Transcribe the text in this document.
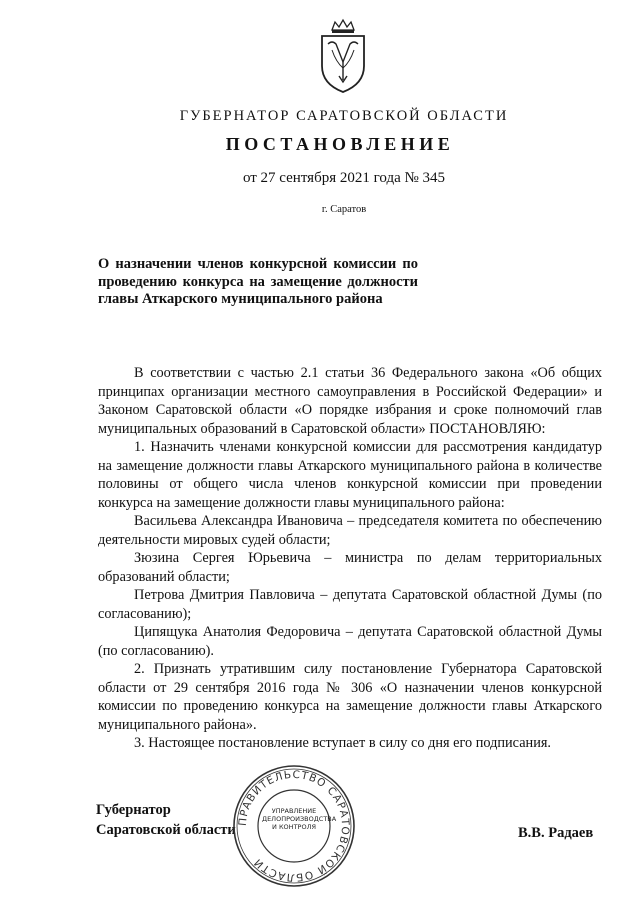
ГУБЕРНАТОР САРАТОВСКОЙ ОБЛАСТИ
ПОСТАНОВЛЕНИЕ
от 27 сентября 2021 года № 345
г. Саратов
О назначении членов конкурсной комиссии по проведению конкурса на замещение должности главы Аткарского муниципального района

В соответствии с частью 2.1 статьи 36 Федерального закона «Об общих принципах организации местного самоуправления в Российской Федерации» и Законом Саратовской области «О порядке избрания и сроке полномочий глав муниципальных образований в Саратовской области» ПОСТАНОВЛЯЮ:

1. Назначить членами конкурсной комиссии для рассмотрения кандидатур на замещение должности главы Аткарского муниципального района в количестве половины от общего числа членов конкурсной комиссии при проведении конкурса на замещение должности главы муниципального района:

Васильева Александра Ивановича – председателя комитета по обеспечению деятельности мировых судей области;

Зюзина Сергея Юрьевича – министра по делам территориальных образований области;

Петрова Дмитрия Павловича – депутата Саратовской областной Думы (по согласованию);

Ципящука Анатолия Федоровича – депутата Саратовской областной Думы (по согласованию).

2. Признать утратившим силу постановление Губернатора Саратовской области от 29 сентября 2016 года № 306 «О назначении членов конкурсной комиссии по проведению конкурса на замещение должности главы Аткарского муниципального района».

3. Настоящее постановление вступает в силу со дня его подписания.

Губернатор
Саратовской области
ПРАВИТЕЛЬСТВО САРАТОВСКОЙ ОБЛАСТИ
УПРАВЛЕНИЕ
ДЕЛОПРОИЗВОДСТВА
И КОНТРОЛЯ	В.В. Радаев
